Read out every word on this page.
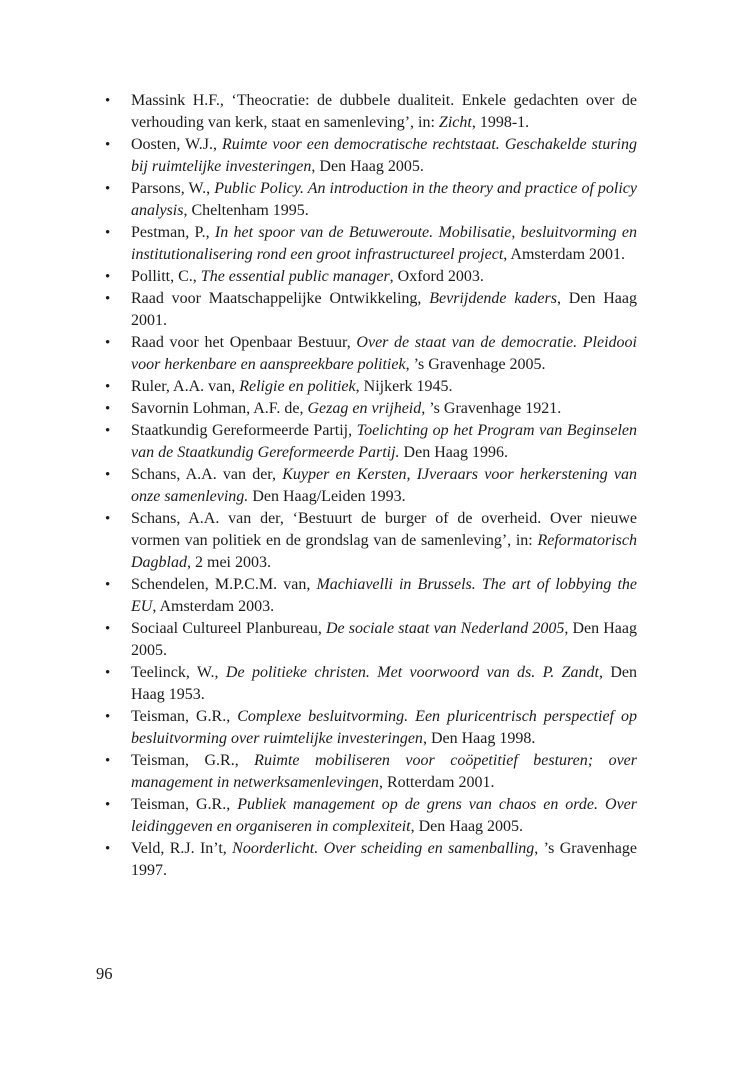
• Massink H.F., ‘Theocratie: de dubbele dualiteit. Enkele gedachten over de verhouding van kerk, staat en samenleving’, in: Zicht, 1998-1.
• Oosten, W.J., Ruimte voor een democratische rechtstaat. Geschakelde sturing bij ruimtelijke investeringen, Den Haag 2005.
• Parsons, W., Public Policy. An introduction in the theory and practice of policy analysis, Cheltenham 1995.
• Pestman, P., In het spoor van de Betuweroute. Mobilisatie, besluitvorming en institutionalisering rond een groot infrastructureel project, Amsterdam 2001.
• Pollitt, C., The essential public manager, Oxford 2003.
• Raad voor Maatschappelijke Ontwikkeling, Bevrijdende kaders, Den Haag 2001.
• Raad voor het Openbaar Bestuur, Over de staat van de democratie. Pleidooi voor herkenbare en aanspreekbare politiek, ’s Gravenhage 2005.
• Ruler, A.A. van, Religie en politiek, Nijkerk 1945.
• Savornin Lohman, A.F. de, Gezag en vrijheid, ’s Gravenhage 1921.
• Staatkundig Gereformeerde Partij, Toelichting op het Program van Beginselen van de Staatkundig Gereformeerde Partij. Den Haag 1996.
• Schans, A.A. van der, Kuyper en Kersten, IJveraars voor herkerstening van onze samenleving. Den Haag/Leiden 1993.
• Schans, A.A. van der, ‘Bestuurt de burger of de overheid. Over nieuwe vormen van politiek en de grondslag van de samenleving’, in: Reformatorisch Dagblad, 2 mei 2003.
• Schendelen, M.P.C.M. van, Machiavelli in Brussels. The art of lobbying the EU, Amsterdam 2003.
• Sociaal Cultureel Planbureau, De sociale staat van Nederland 2005, Den Haag 2005.
• Teelinck, W., De politieke christen. Met voorwoord van ds. P. Zandt, Den Haag 1953.
• Teisman, G.R., Complexe besluitvorming. Een pluricentrisch perspectief op besluitvorming over ruimtelijke investeringen, Den Haag 1998.
• Teisman, G.R., Ruimte mobiliseren voor coöpetitief besturen; over management in netwerksamenlevingen, Rotterdam 2001.
• Teisman, G.R., Publiek management op de grens van chaos en orde. Over leidinggeven en organiseren in complexiteit, Den Haag 2005.
• Veld, R.J. In’t, Noorderlicht. Over scheiding en samenballing, ’s Gravenhage 1997.
96
